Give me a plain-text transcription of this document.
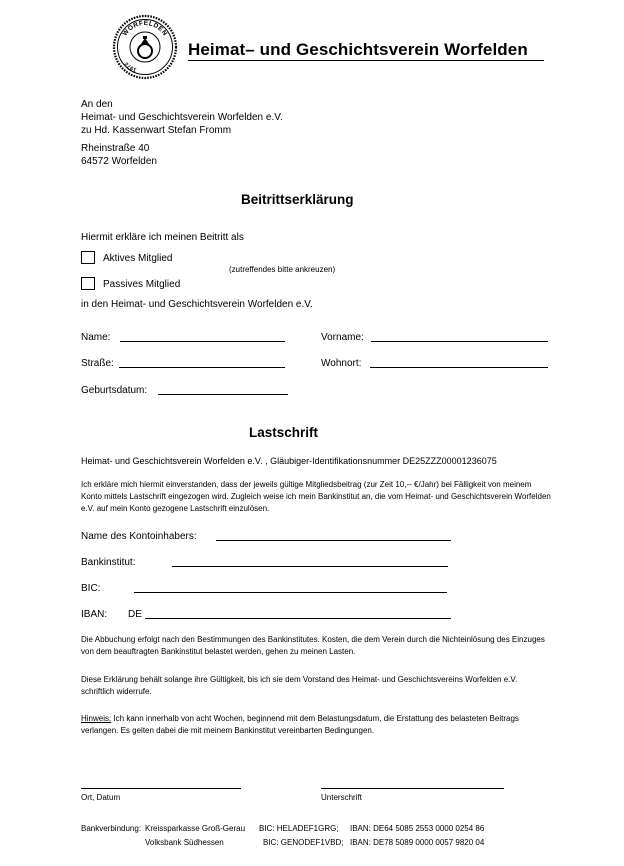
WORFELDEN
1972
Heimat– und Geschichtsverein Worfelden
An den
Heimat- und Geschichtsverein Worfelden e.V.
zu Hd. Kassenwart Stefan Fromm
Rheinstraße 40
64572 Worfelden
Beitrittserklärung
Hiermit erkläre ich meinen Beitritt als
Aktives Mitglied
(zutreffendes bitte ankreuzen)
Passives Mitglied
in den Heimat- und Geschichtsverein Worfelden e.V.
Name:	Vorname:
Straße:	Wohnort:
Geburtsdatum:
Lastschrift
Heimat- und Geschichtsverein Worfelden e.V. , Gläubiger-Identifikationsnummer DE25ZZZ00001236075
Ich erkläre mich hiermit einverstanden, dass der jeweils gültige Mitgliedsbeitrag (zur Zeit 10,-- €/Jahr) bei Fälligkeit von meinem Konto mittels Lastschrift eingezogen wird. Zugleich weise ich mein Bankinstitut an, die vom Heimat- und Geschichtsverein Worfelden e.V. auf mein Konto gezogene Lastschrift einzulösen.
Name des Kontoinhabers:
Bankinstitut:
BIC:
IBAN: DE
Die Abbuchung erfolgt nach den Bestimmungen des Bankinstitutes. Kosten, die dem Verein durch die Nichteinlösung des Einzuges von dem beauftragten Bankinstitut belastet werden, gehen zu meinen Lasten.
Diese Erklärung behält solange ihre Gültigkeit, bis ich sie dem Vorstand des Heimat- und Geschichtsvereins Worfelden e.V. schriftlich widerrufe.
Hinweis: Ich kann innerhalb von acht Wochen, beginnend mit dem Belastungsdatum, die Erstattung des belasteten Beitrags verlangen. Es gelten dabei die mit meinem Bankinstitut vereinbarten Bedingungen.
Ort, Datum	Unterschrift
Bankverbindung: Kreissparkasse Groß-Gerau BIC: HELADEF1GRG; IBAN: DE64 5085 2553 0000 0254 86
Volksbank Südhessen	BIC: GENODEF1VBD; IBAN: DE78 5089 0000 0057 9820 04
